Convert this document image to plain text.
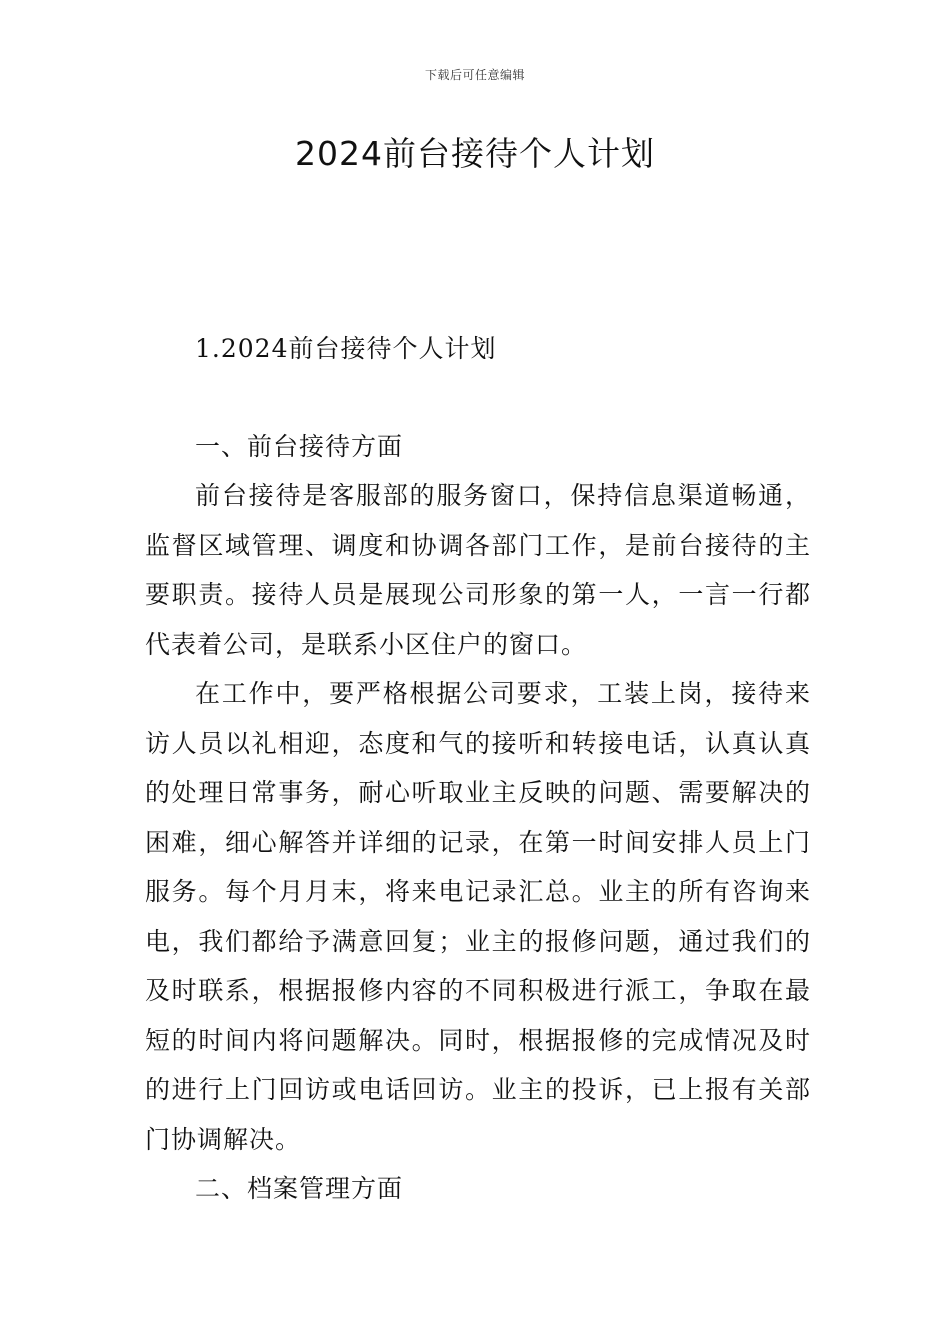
下载后可任意编辑
2024前台接待个人计划

1.2024前台接待个人计划

一、前台接待方面

前台接待是客服部的服务窗口，保持信息渠道畅通，监督区域管理、调度和协调各部门工作，是前台接待的主要职责。接待人员是展现公司形象的第一人，一言一行都代表着公司，是联系小区住户的窗口。

在工作中，要严格根据公司要求，工装上岗，接待来访人员以礼相迎，态度和气的接听和转接电话，认真认真的处理日常事务，耐心听取业主反映的问题、需要解决的困难，细心解答并详细的记录，在第一时间安排人员上门服务。每个月月末，将来电记录汇总。业主的所有咨询来电，我们都给予满意回复；业主的报修问题，通过我们的及时联系，根据报修内容的不同积极进行派工，争取在最短的时间内将问题解决。同时，根据报修的完成情况及时的进行上门回访或电话回访。业主的投诉，已上报有关部门协调解决。

二、档案管理方面
